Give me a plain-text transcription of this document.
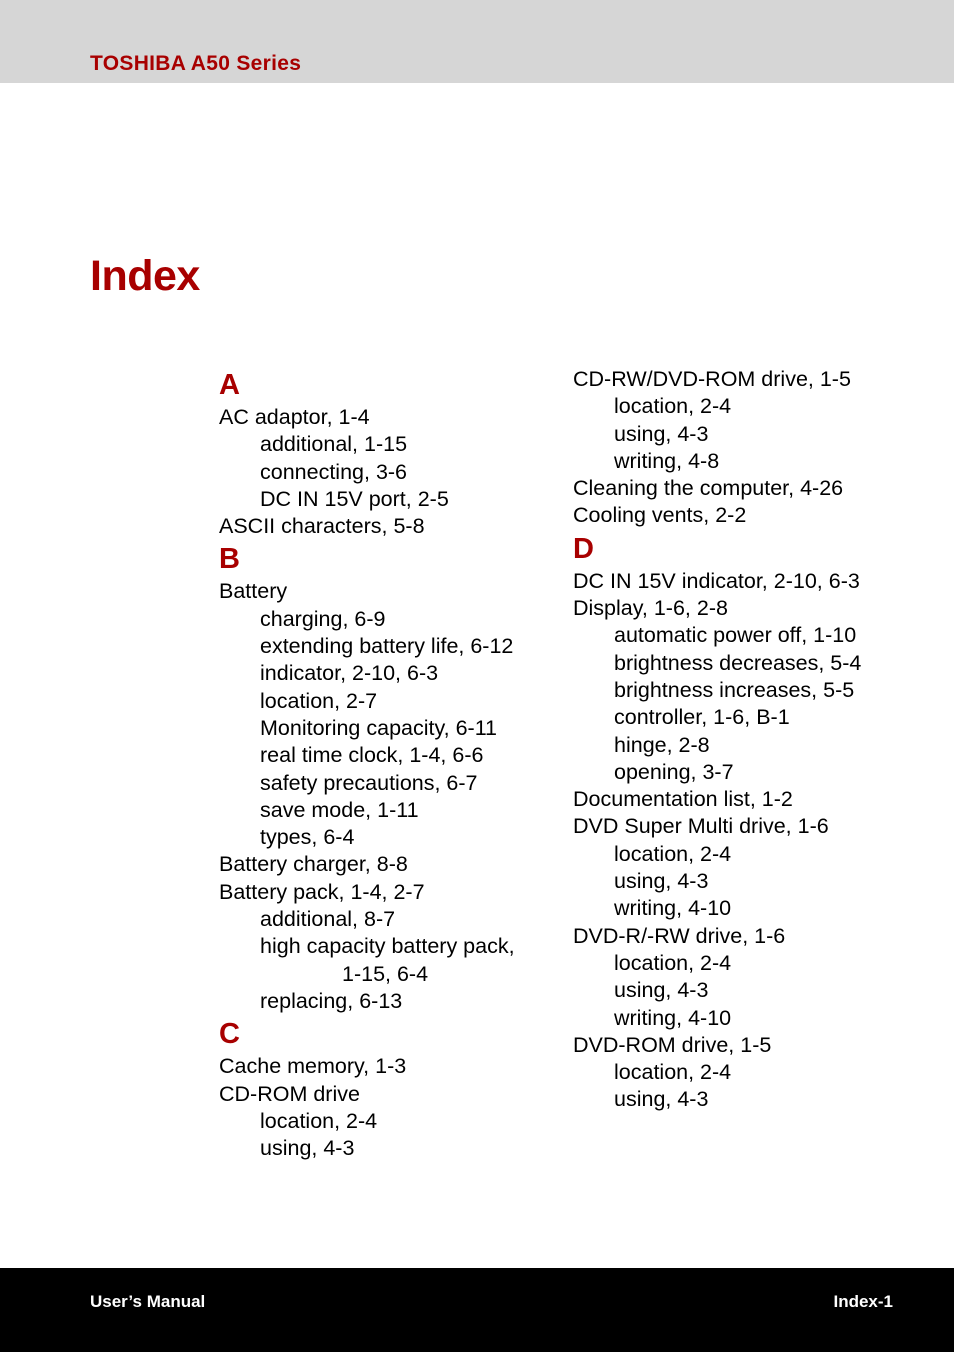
TOSHIBA A50 Series
Index
A
AC adaptor, 1-4
additional, 1-15
connecting, 3-6
DC IN 15V port, 2-5
ASCII characters, 5-8
B
Battery
charging, 6-9
extending battery life, 6-12
indicator, 2-10, 6-3
location, 2-7
Monitoring capacity, 6-11
real time clock, 1-4, 6-6
safety precautions, 6-7
save mode, 1-11
types, 6-4
Battery charger, 8-8
Battery pack, 1-4, 2-7
additional, 8-7
high capacity battery pack,
1-15, 6-4
replacing, 6-13
C
Cache memory, 1-3
CD-ROM drive
location, 2-4
using, 4-3
CD-RW/DVD-ROM drive, 1-5
location, 2-4
using, 4-3
writing, 4-8
Cleaning the computer, 4-26
Cooling vents, 2-2
D
DC IN 15V indicator, 2-10, 6-3
Display, 1-6, 2-8
automatic power off, 1-10
brightness decreases, 5-4
brightness increases, 5-5
controller, 1-6, B-1
hinge, 2-8
opening, 3-7
Documentation list, 1-2
DVD Super Multi drive, 1-6
location, 2-4
using, 4-3
writing, 4-10
DVD-R/-RW drive, 1-6
location, 2-4
using, 4-3
writing, 4-10
DVD-ROM drive, 1-5
location, 2-4
using, 4-3
User’s Manual	Index-1
